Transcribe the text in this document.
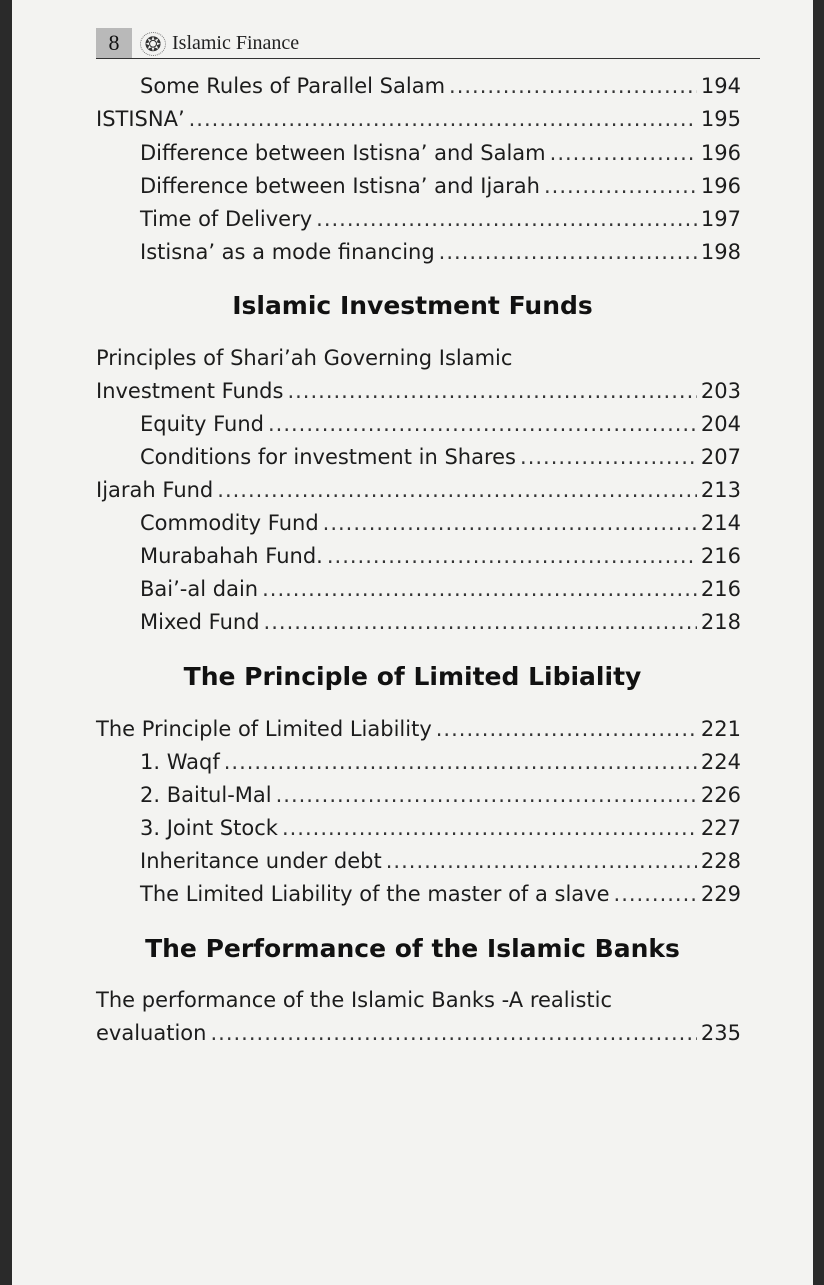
8	❂ Islamic Finance
Some Rules of Parallel Salam .....	194
ISTISNA’ .....	195
Difference between Istisna’ and Salam .....	196
Difference between Istisna’ and Ijarah .....	196
Time of Delivery .....	197
Istisna’ as a mode financing .....	198
Islamic Investment Funds
Principles of Shari’ah Governing Islamic
Investment Funds .....	203
Equity Fund .....	204
Conditions for investment in Shares .....	207
Ijarah Fund .....	213
Commodity Fund .....	214
Murabahah Fund. .....	216
Bai’-al dain .....	216
Mixed Fund .....	218
The Principle of Limited Libiality
The Principle of Limited Liability .....	221
1. Waqf .....	224
2. Baitul-Mal .....	226
3. Joint Stock .....	227
Inheritance under debt .....	228
The Limited Liability of the master of a slave .....	229
The Performance of the Islamic Banks
The performance of the Islamic Banks -A realistic
evaluation .....	235
